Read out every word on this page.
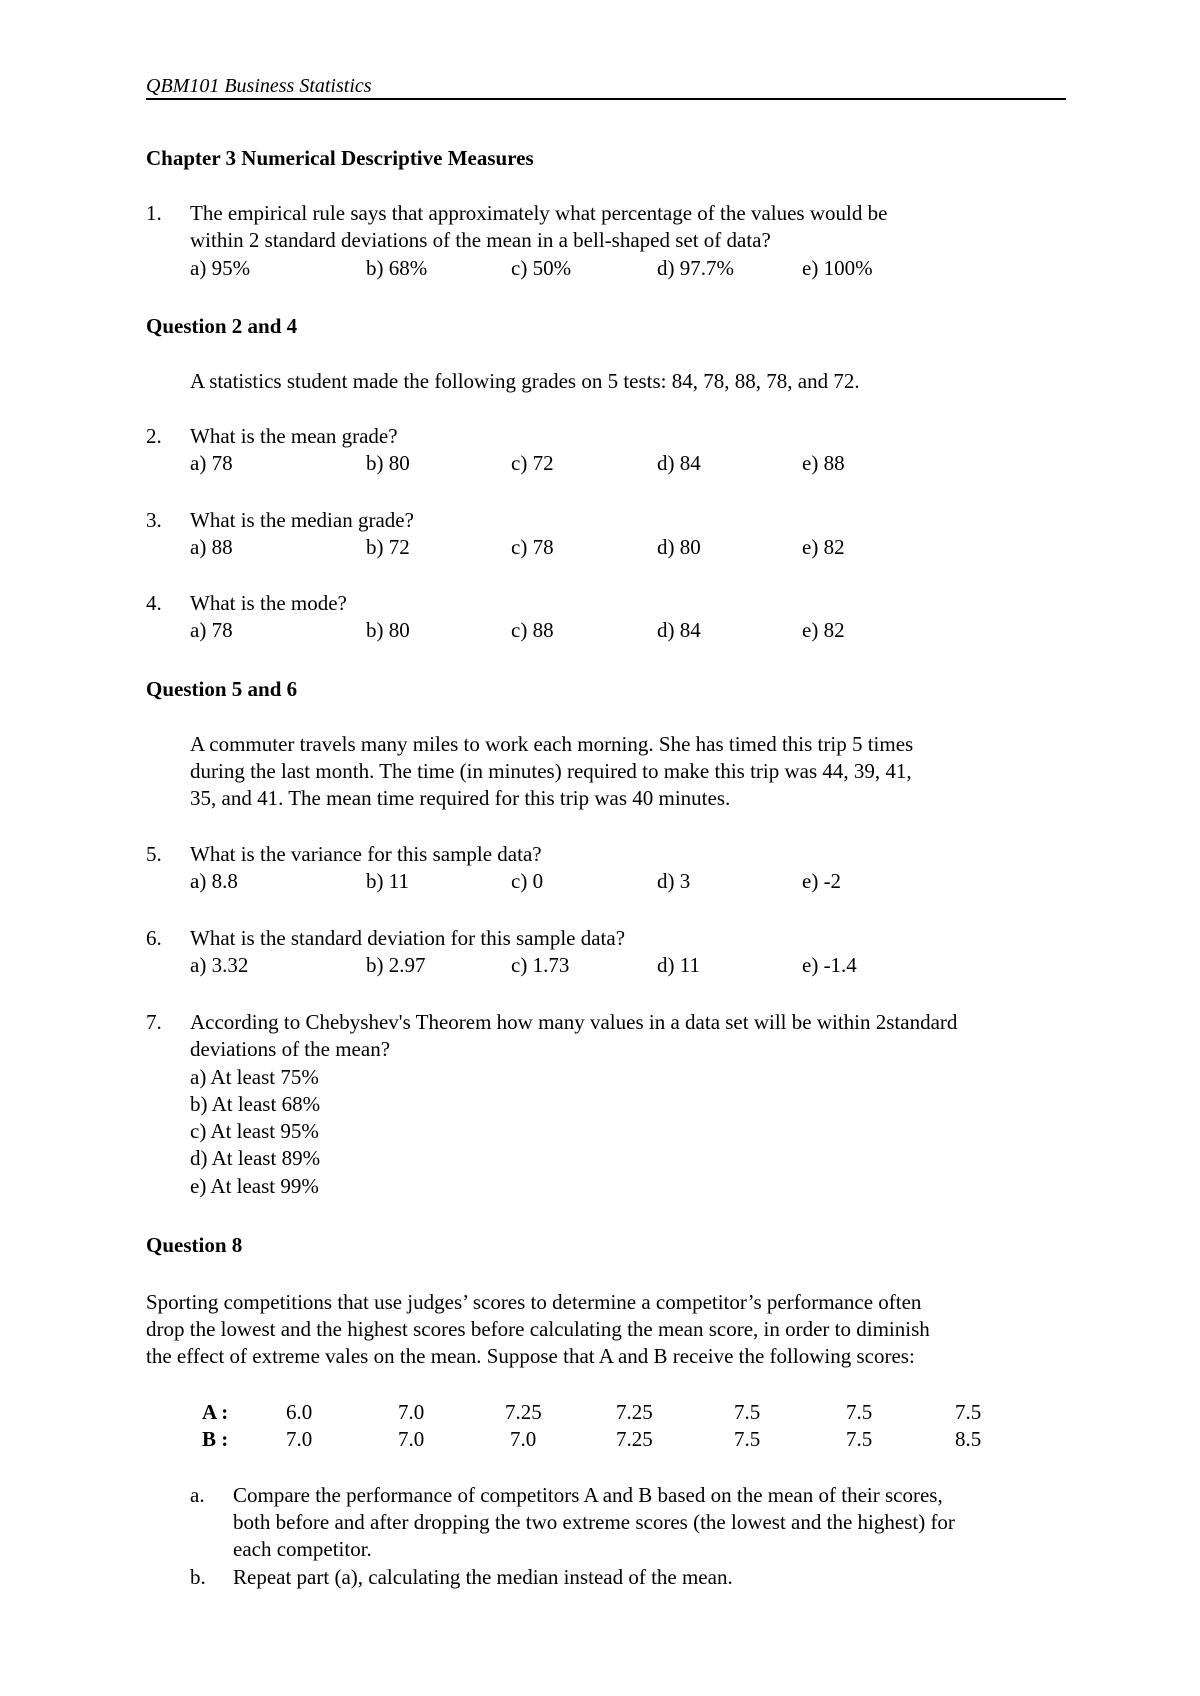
QBM101 Business Statistics
Chapter 3 Numerical Descriptive Measures
1. The empirical rule says that approximately what percentage of the values would be
within 2 standard deviations of the mean in a bell-shaped set of data?
a) 95%	b) 68%	c) 50%	d) 97.7%	e) 100%
Question 2 and 4
A statistics student made the following grades on 5 tests: 84, 78, 88, 78, and 72.
2. What is the mean grade?
a) 78	b) 80	c) 72	d) 84	e) 88
3. What is the median grade?
a) 88	b) 72	c) 78	d) 80	e) 82
4. What is the mode?
a) 78	b) 80	c) 88	d) 84	e) 82
Question 5 and 6
A commuter travels many miles to work each morning. She has timed this trip 5 times
during the last month. The time (in minutes) required to make this trip was 44, 39, 41,
35, and 41. The mean time required for this trip was 40 minutes.
5. What is the variance for this sample data?
a) 8.8	b) 11	c) 0	d) 3	e) -2
6. What is the standard deviation for this sample data?
a) 3.32	b) 2.97	c) 1.73	d) 11	e) -1.4
7. According to Chebyshev's Theorem how many values in a data set will be within 2standard
deviations of the mean?
a) At least 75%
b) At least 68%
c) At least 95%
d) At least 89%
e) At least 99%
Question 8
Sporting competitions that use judges’ scores to determine a competitor’s performance often
drop the lowest and the highest scores before calculating the mean score, in order to diminish
the effect of extreme vales on the mean. Suppose that A and B receive the following scores:
A :	6.0	7.0	7.25	7.25	7.5	7.5	7.5
B :	7.0	7.0	7.0	7.25	7.5	7.5	8.5
a. Compare the performance of competitors A and B based on the mean of their scores,
both before and after dropping the two extreme scores (the lowest and the highest) for
each competitor.
b. Repeat part (a), calculating the median instead of the mean.
